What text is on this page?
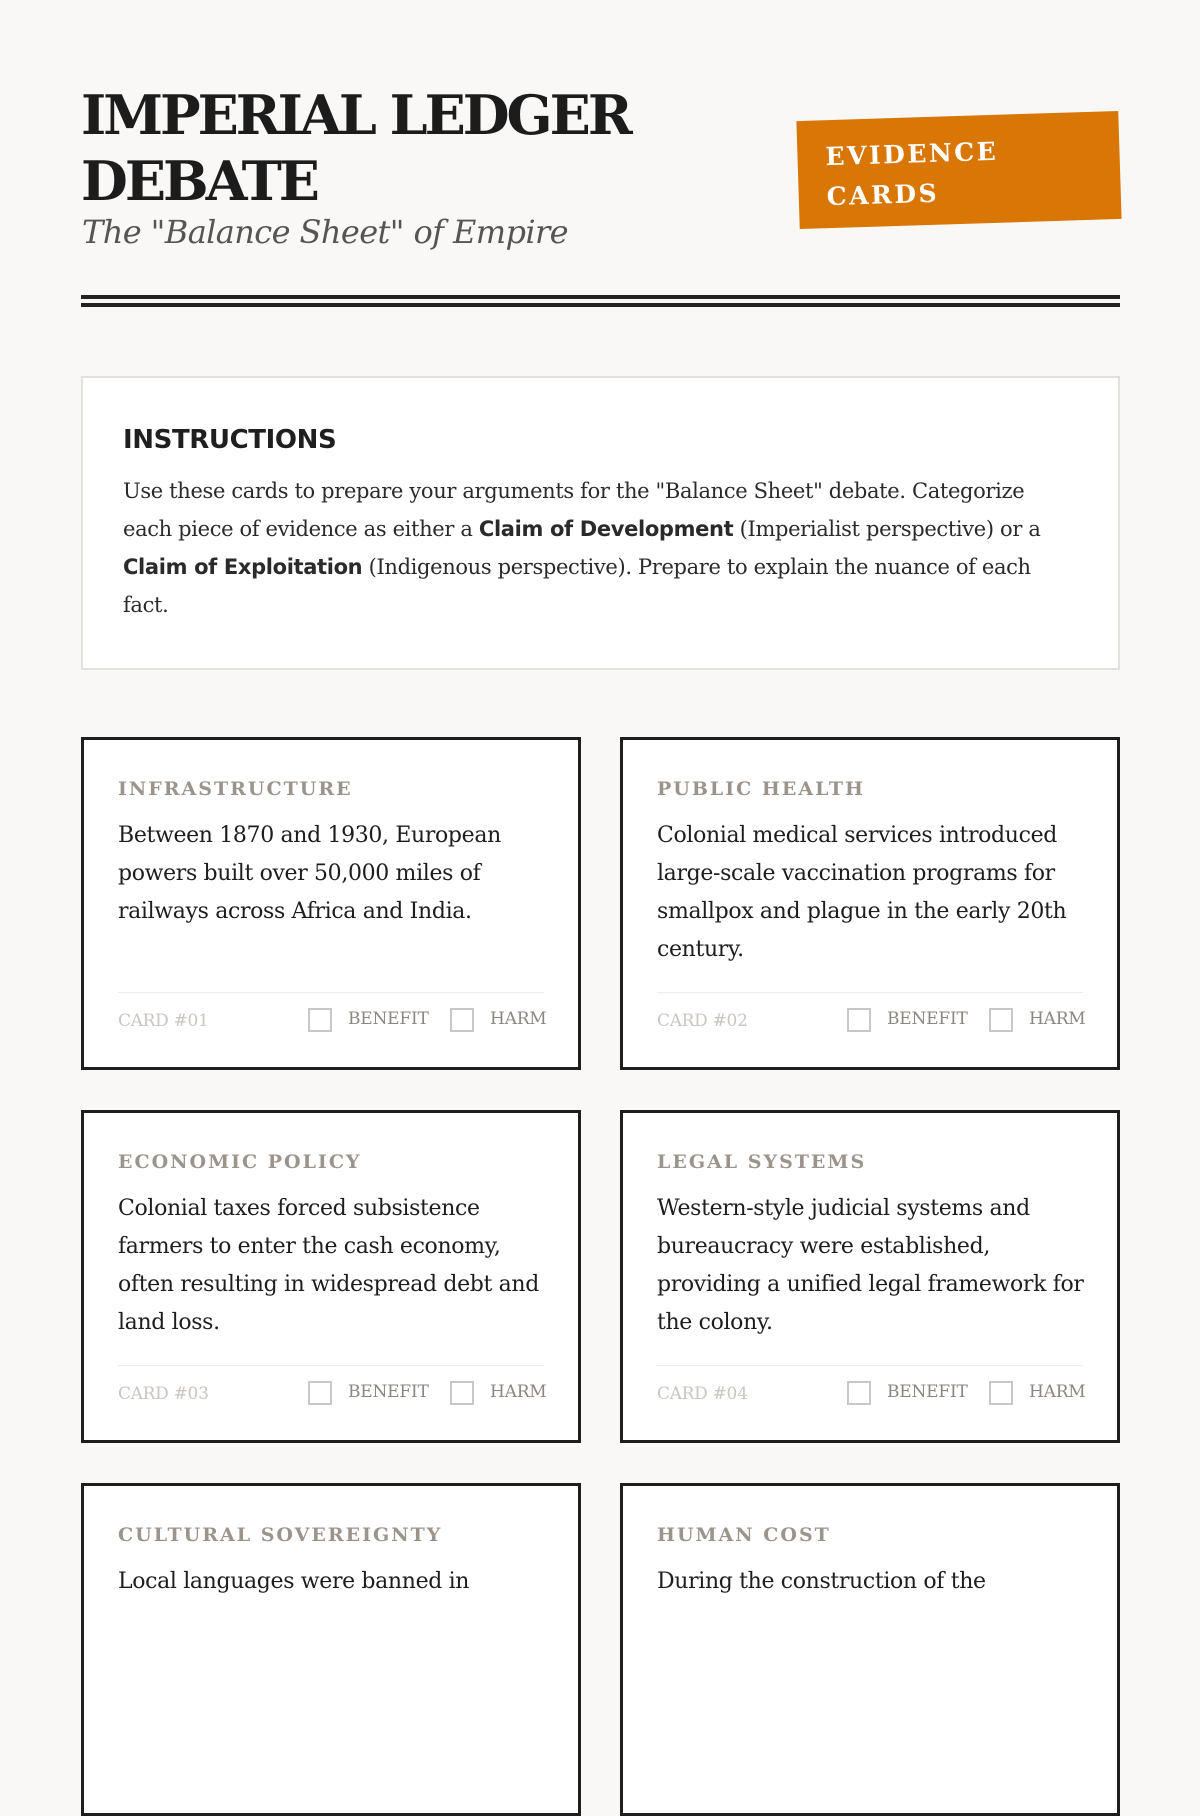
IMPERIAL LEDGER DEBATE
The "Balance Sheet" of Empire
EVIDENCE CARDS
INSTRUCTIONS

Use these cards to prepare your arguments for the "Balance Sheet" debate. Categorize each piece of evidence as either a Claim of Development (Imperialist perspective) or a Claim of Exploitation (Indigenous perspective). Prepare to explain the nuance of each fact.

INFRASTRUCTURE

Between 1870 and 1930, European powers built over 50,000 miles of railways across Africa and India.

CARD #01	BENEFIT	HARM
PUBLIC HEALTH

Colonial medical services introduced large-scale vaccination programs for smallpox and plague in the early 20th century.

CARD #02	BENEFIT	HARM
ECONOMIC POLICY

Colonial taxes forced subsistence farmers to enter the cash economy, often resulting in widespread debt and land loss.

CARD #03	BENEFIT	HARM
LEGAL SYSTEMS

Western-style judicial systems and bureaucracy were established, providing a unified legal framework for the colony.

CARD #04	BENEFIT	HARM
CULTURAL SOVEREIGNTY

Local languages were banned in

HUMAN COST

During the construction of the
